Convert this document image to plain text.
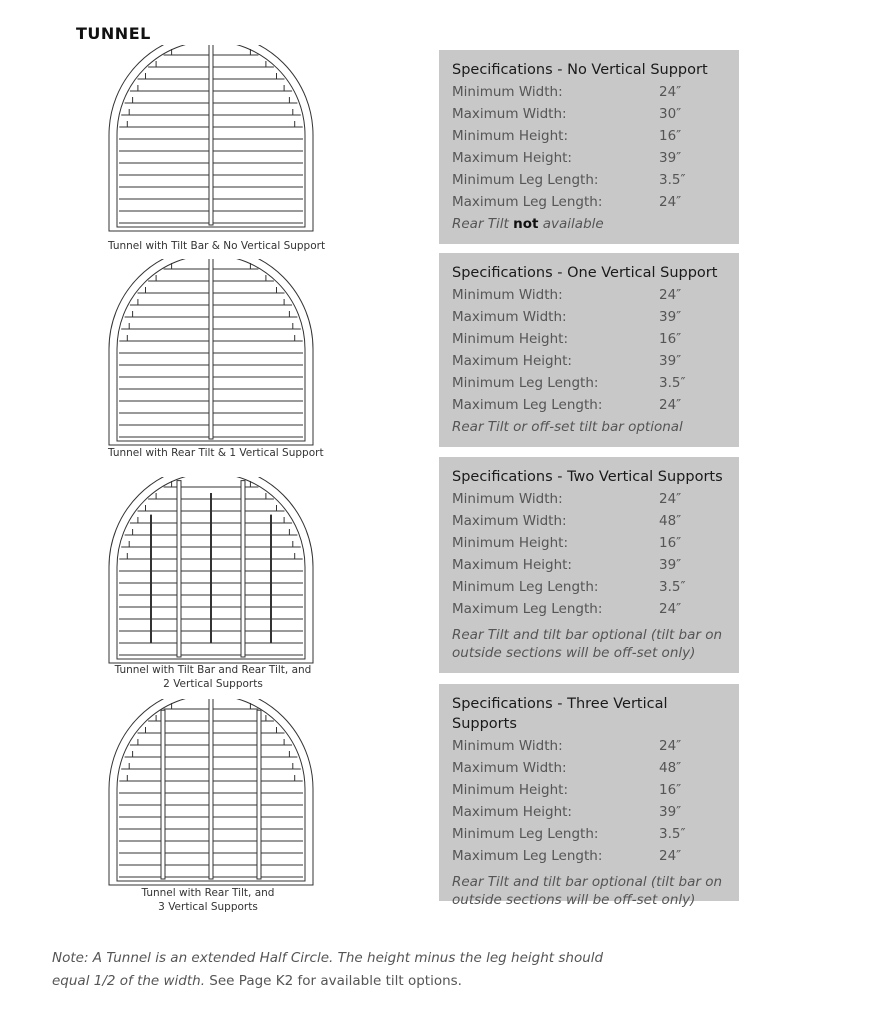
TUNNEL
Tunnel with Tilt Bar & No Vertical Support
Tunnel with Rear Tilt & 1 Vertical Support
Tunnel with Tilt Bar and Rear Tilt, and
2 Vertical Supports
Tunnel with Rear Tilt, and
3 Vertical Supports
Specifications - No Vertical Support
Minimum Width:	24″
Maximum Width:	30″
Minimum Height:	16″
Maximum Height:	39″
Minimum Leg Length:	3.5″
Maximum Leg Length:	24″
Rear Tilt not available
Specifications - One Vertical Support
Minimum Width:	24″
Maximum Width:	39″
Minimum Height:	16″
Maximum Height:	39″
Minimum Leg Length:	3.5″
Maximum Leg Length:	24″
Rear Tilt or off-set tilt bar optional
Specifications - Two Vertical Supports
Minimum Width:	24″
Maximum Width:	48″
Minimum Height:	16″
Maximum Height:	39″
Minimum Leg Length:	3.5″
Maximum Leg Length:	24″
Rear Tilt and tilt bar optional (tilt bar on
outside sections will be off-set only)
Specifications - Three Vertical Supports
Minimum Width:	24″
Maximum Width:	48″
Minimum Height:	16″
Maximum Height:	39″
Minimum Leg Length:	3.5″
Maximum Leg Length:	24″
Rear Tilt and tilt bar optional (tilt bar on
outside sections will be off-set only)
Note: A Tunnel is an extended Half Circle. The height minus the leg height should
equal 1/2 of the width. See Page K2 for available tilt options.
